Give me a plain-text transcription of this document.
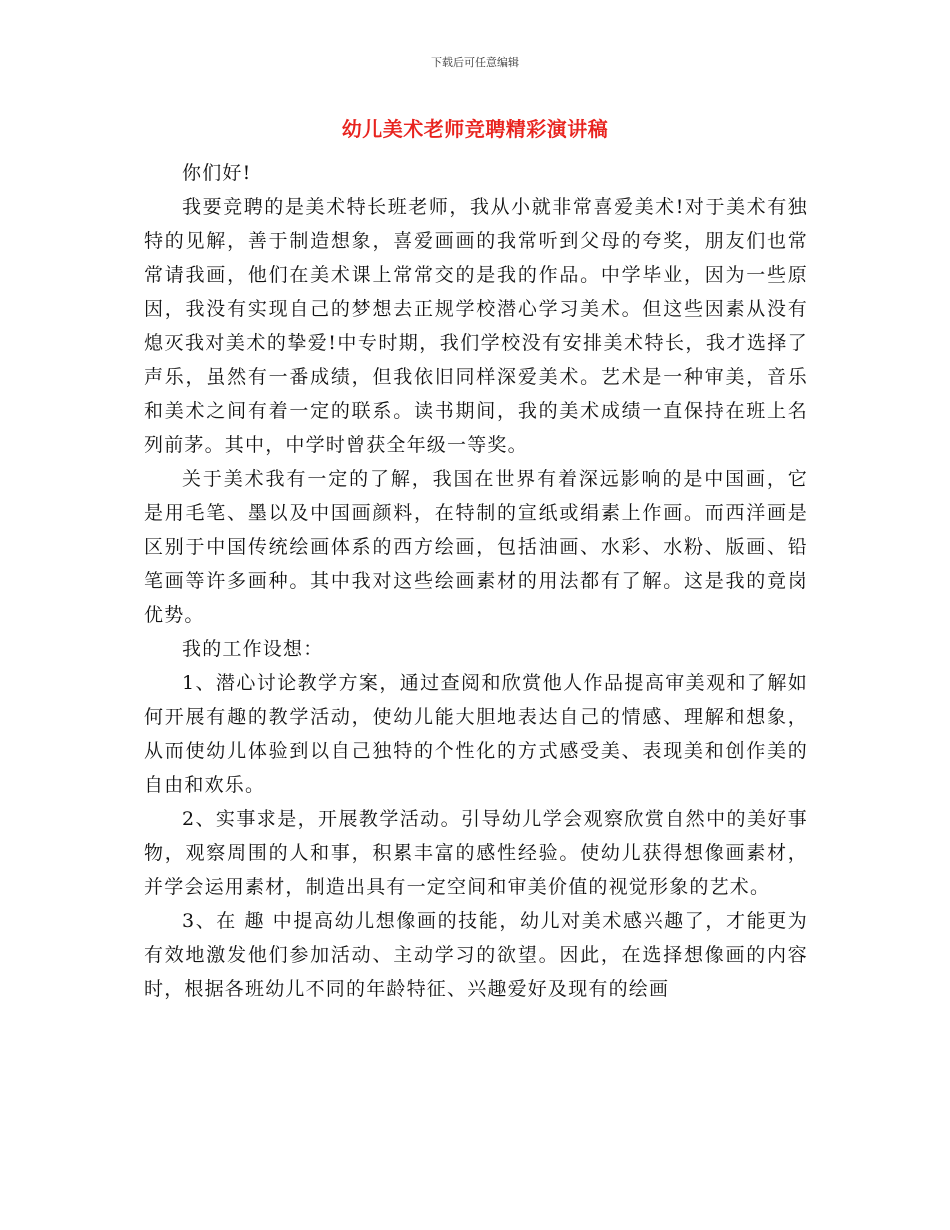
下载后可任意编辑
幼儿美术老师竞聘精彩演讲稿

你们好!

我要竞聘的是美术特长班老师，我从小就非常喜爱美术!对于美术有独特的见解，善于制造想象，喜爱画画的我常听到父母的夸奖，朋友们也常常请我画，他们在美术课上常常交的是我的作品。中学毕业，因为一些原因，我没有实现自己的梦想去正规学校潜心学习美术。但这些因素从没有熄灭我对美术的挚爱!中专时期，我们学校没有安排美术特长，我才选择了声乐，虽然有一番成绩，但我依旧同样深爱美术。艺术是一种审美，音乐和美术之间有着一定的联系。读书期间，我的美术成绩一直保持在班上名列前茅。其中，中学时曾获全年级一等奖。

关于美术我有一定的了解，我国在世界有着深远影响的是中国画，它是用毛笔、墨以及中国画颜料，在特制的宣纸或绢素上作画。而西洋画是区别于中国传统绘画体系的西方绘画，包括油画、水彩、水粉、版画、铅笔画等许多画种。其中我对这些绘画素材的用法都有了解。这是我的竟岗优势。

我的工作设想：

1、潜心讨论教学方案，通过查阅和欣赏他人作品提高审美观和了解如何开展有趣的教学活动，使幼儿能大胆地表达自己的情感、理解和想象，从而使幼儿体验到以自己独特的个性化的方式感受美、表现美和创作美的自由和欢乐。

2、实事求是，开展教学活动。引导幼儿学会观察欣赏自然中的美好事物，观察周围的人和事，积累丰富的感性经验。使幼儿获得想像画素材，并学会运用素材，制造出具有一定空间和审美价值的视觉形象的艺术。

3、在 趣 中提高幼儿想像画的技能，幼儿对美术感兴趣了，才能更为有效地激发他们参加活动、主动学习的欲望。因此，在选择想像画的内容时，根据各班幼儿不同的年龄特征、兴趣爱好及现有的绘画
